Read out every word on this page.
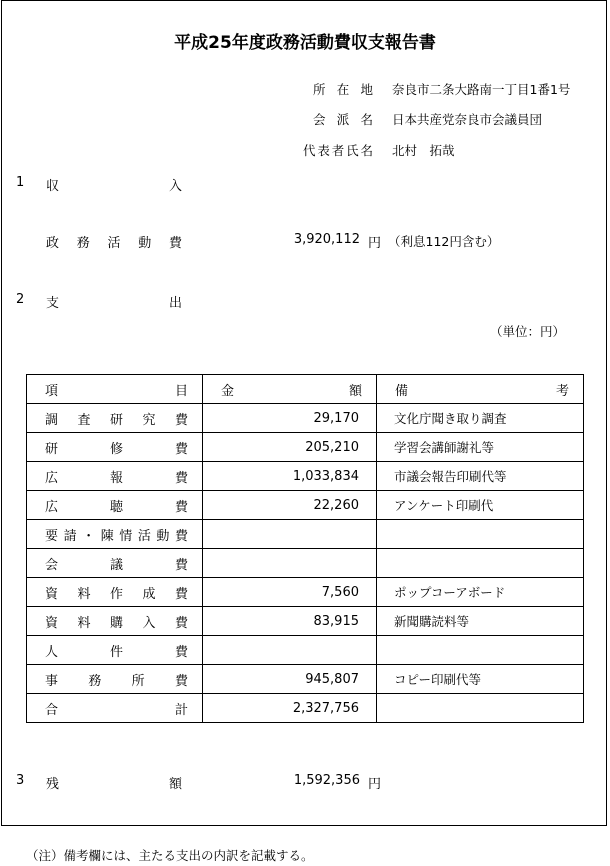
平成25年度政務活動費収支報告書
所在地 奈良市二条大路南一丁目1番1号
会派名 日本共産党奈良市会議員団
代表者氏名 北村　拓哉
1 収入
政務活動費	3,920,112 円 （利息112円含む）
2 支出
（単位：円）
項目	金額	備考

調査研究費	29,170	文化庁聞き取り調査

研修費	205,210	学習会講師謝礼等

広報費	1,033,834	市議会報告印刷代等

広聴費	22,260	アンケート印刷代

要請・陳情活動費		

会議費		

資料作成費	7,560	ポップコーアボード

資料購入費	83,915	新聞購読料等

人件費		

事務所費	945,807	コピー印刷代等

合計	2,327,756	
3 残額	1,592,356 円
（注）備考欄には、主たる支出の内訳を記載する。
